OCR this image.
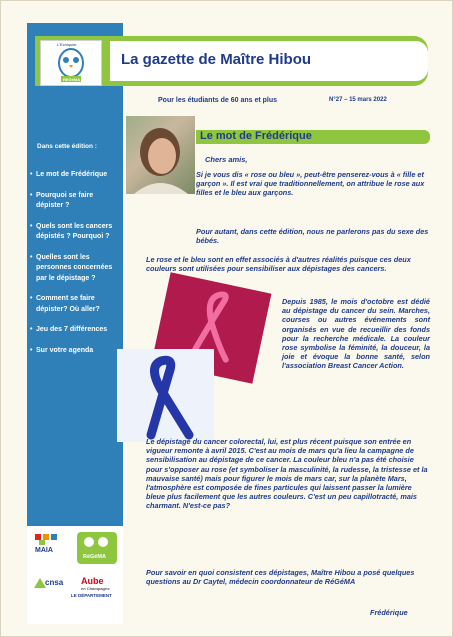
Dans cette édition :
• Le mot de Frédérique
• Pourquoi se faire dépister ?
• Quels sont les cancers dépistés ? Pourquoi ?
• Quelles sont les personnes concernées par le dépistage ?
• Comment se faire dépister? Où aller?
• Jeu des 7 différences
• Sur votre agenda
MAIA
RéGéMA
cnsa Aube
en Champagne
LE DÉPARTEMENT
L'Echiquier
REGéMA
La gazette de Maître Hibou
Pour les étudiants de 60 ans et plus	N°27 – 15 mars 2022
Le mot de Frédérique
Chers amis,

Si je vous dis « rose ou bleu », peut-être penserez-vous à « fille et garçon ». Il est vrai que traditionnellement, on attribue le rose aux filles et le bleu aux garçons.

Pour autant, dans cette édition, nous ne parlerons pas du sexe des bébés.

Le rose et le bleu sont en effet associés à d'autres réalités puisque ces deux couleurs sont utilisées pour sensibiliser aux dépistages des cancers.

Depuis 1985, le mois d'octobre est dédié au dépistage du cancer du sein. Marches, courses ou autres événements sont organisés en vue de recueillir des fonds pour la recherche médicale. La couleur rose symbolise la féminité, la douceur, la joie et évoque la bonne santé, selon l'association Breast Cancer Action.

Le dépistage du cancer colorectal, lui, est plus récent puisque son entrée en vigueur remonte à avril 2015. C'est au mois de mars qu'a lieu la campagne de sensibilisation au dépistage de ce cancer. La couleur bleu n'a pas été choisie pour s'opposer au rose (et symboliser la masculinité, la rudesse, la tristesse et la mauvaise santé) mais pour figurer le mois de mars car, sur la planète Mars, l'atmosphère est composée de fines particules qui laissent passer la lumière bleue plus facilement que les autres couleurs. C'est un peu capillotracté, mais charmant. N'est-ce pas?

Pour savoir en quoi consistent ces dépistages, Maître Hibou a posé quelques questions au Dr Caytel, médecin coordonnateur de RéGéMA

Frédérique
